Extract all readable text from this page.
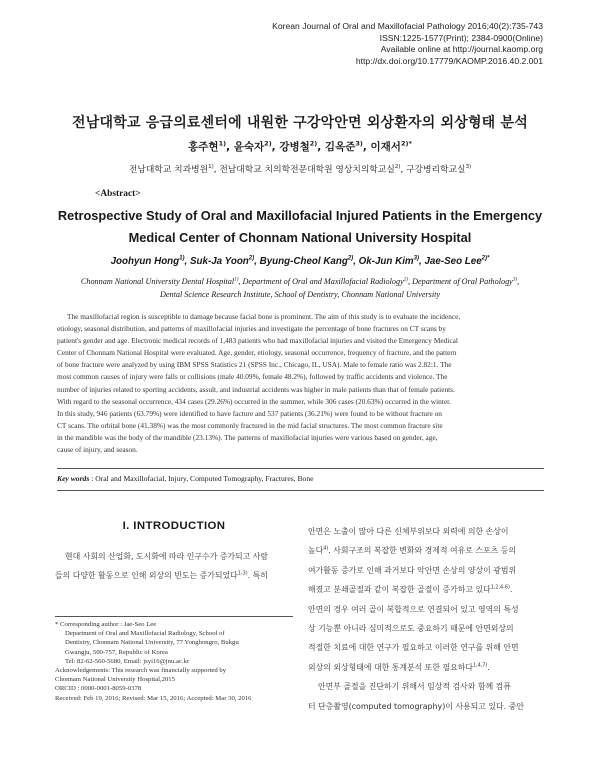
Korean Journal of Oral and Maxillofacial Pathology 2016;40(2):735-743
ISSN:1225-1577(Print); 2384-0900(Online)
Available online at http://journal.kaomp.org
http://dx.doi.org/10.17779/KAOMP.2016.40.2.001
전남대학교 응급의료센터에 내원한 구강악안면 외상환자의 외상형태 분석
홍주현$^{1)}$, 윤숙자$^{2)}$, 강병철$^{2)}$, 김옥준$^{3)}$, 이재서$^{2)*}$
전남대학교 치과병원$^{1)}$, 전남대학교 치의학전문대학원 영상치의학교실$^{2)}$, 구강병리학교실$^{3)}$
<Abstract>
Retrospective Study of Oral and Maxillofacial Injured Patients in the Emergency
Medical Center of Chonnam National University Hospital
Joohyun Hong$^{1)}$, Suk-Ja Yoon$^{2)}$, Byung-Cheol Kang$^{2)}$, Ok-Jun Kim$^{3)}$, Jae-Seo Lee$^{2)*}$
Chonnam National University Dental Hospital$^{1)}$, Department of Oral and Maxillofacial Radiology$^{2)}$, Department of Oral Pathology$^{3)}$,
Dental Science Research Institute, School of Dentistry, Chonnam National University
The maxillofacial region is susceptible to damage because facial bone is prominent. The aim of this study is to evaluate the incidence,
etiology, seasonal distribution, and patterns of maxillofacial injuries and investigate the percentage of bone fractures on CT scans by
patient's gender and age. Electronic medical records of 1,483 patients who had maxillofacial injuries and visited the Emergency Medical
Center of Chonnam National Hospital were evaluated. Age, gender, etiology, seasonal occurrence, frequency of fracture, and the pattern
of bone fracture were analyzed by using IBM SPSS Statistics 21 (SPSS Inc., Chicago, IL, USA). Male to female ratio was 2.82:1. The
most common causes of injury were falls or collisions (male 40.09%, female 48.2%), followed by traffic accidents and violence. The
number of injuries related to sporting accidents, assult, and industrial accidents was higher in male patients than that of female patients.
With regard to the seasonal occurrence, 434 cases (29.26%) occurred in the summer, while 306 cases (20.63%) occurred in the winter.
In this study, 946 patients (63.79%) were identified to have facture and 537 patients (36.21%) were found to be without fracture on
CT scans. The orbital bone (41.38%) was the most commonly fractured in the mid facial structures. The most common fracture site
in the mandible was the body of the mandible (23.13%). The patterns of maxillofacial injuries were various based on gender, age,
cause of injury, and season.
Key words : Oral and Maxillofacial, Injury, Computed Tomography, Fractures, Bone
I. INTRODUCTION
현대 사회의 산업화, 도시화에 따라 인구수가 증가되고 사람
들의 다양한 활동으로 인해 외상의 빈도는 증가되었다$^{1-3)}$. 특히
안면은 노출이 많아 다른 신체부위보다 외력에 의한 손상이
높다$^{4)}$. 사회구조의 복잡한 변화와 경제적 여유로 스포츠 등의
여가활동 증가로 인해 과거보다 악안면 손상의 양상이 광범위
해졌고 분쇄골절과 같이 복잡한 골절이 증가하고 있다$^{1,2,4-6)}$.
안면의 경우 여러 골이 복합적으로 연결되어 있고 영역의 특성
상 기능뿐 아니라 심미적으로도 중요하기 때문에 안면외상의
적절한 치료에 대한 연구가 필요하고 이러한 연구를 위해 안면
외상의 외상형태에 대한 통계분석 또한 필요하다$^{1,4,7)}$.
안면부 골절을 진단하기 위해서 임상적 검사와 함께 컴퓨
터 단층촬영(computed tomography)이 사용되고 있다. 중안
* Corresponding author : Jae-Seo Lee
Department of Oral and Maxillofacial Radiology, School of
Dentistry, Chonnam National University, 77 Yongbongro, Bukgu
Gwangju, 500-757, Republic of Korea
Tel: 82-62-560-5680, Email: jsyi16@jnu.ac.kr
Acknowledgements: This research was financially supported by
Chonnam National University Hospital,2015
ORCID : 0000-0001-8059-0378
Received: Feb 19, 2016; Revised: Mar 15, 2016; Accepted: Mar 30, 2016
